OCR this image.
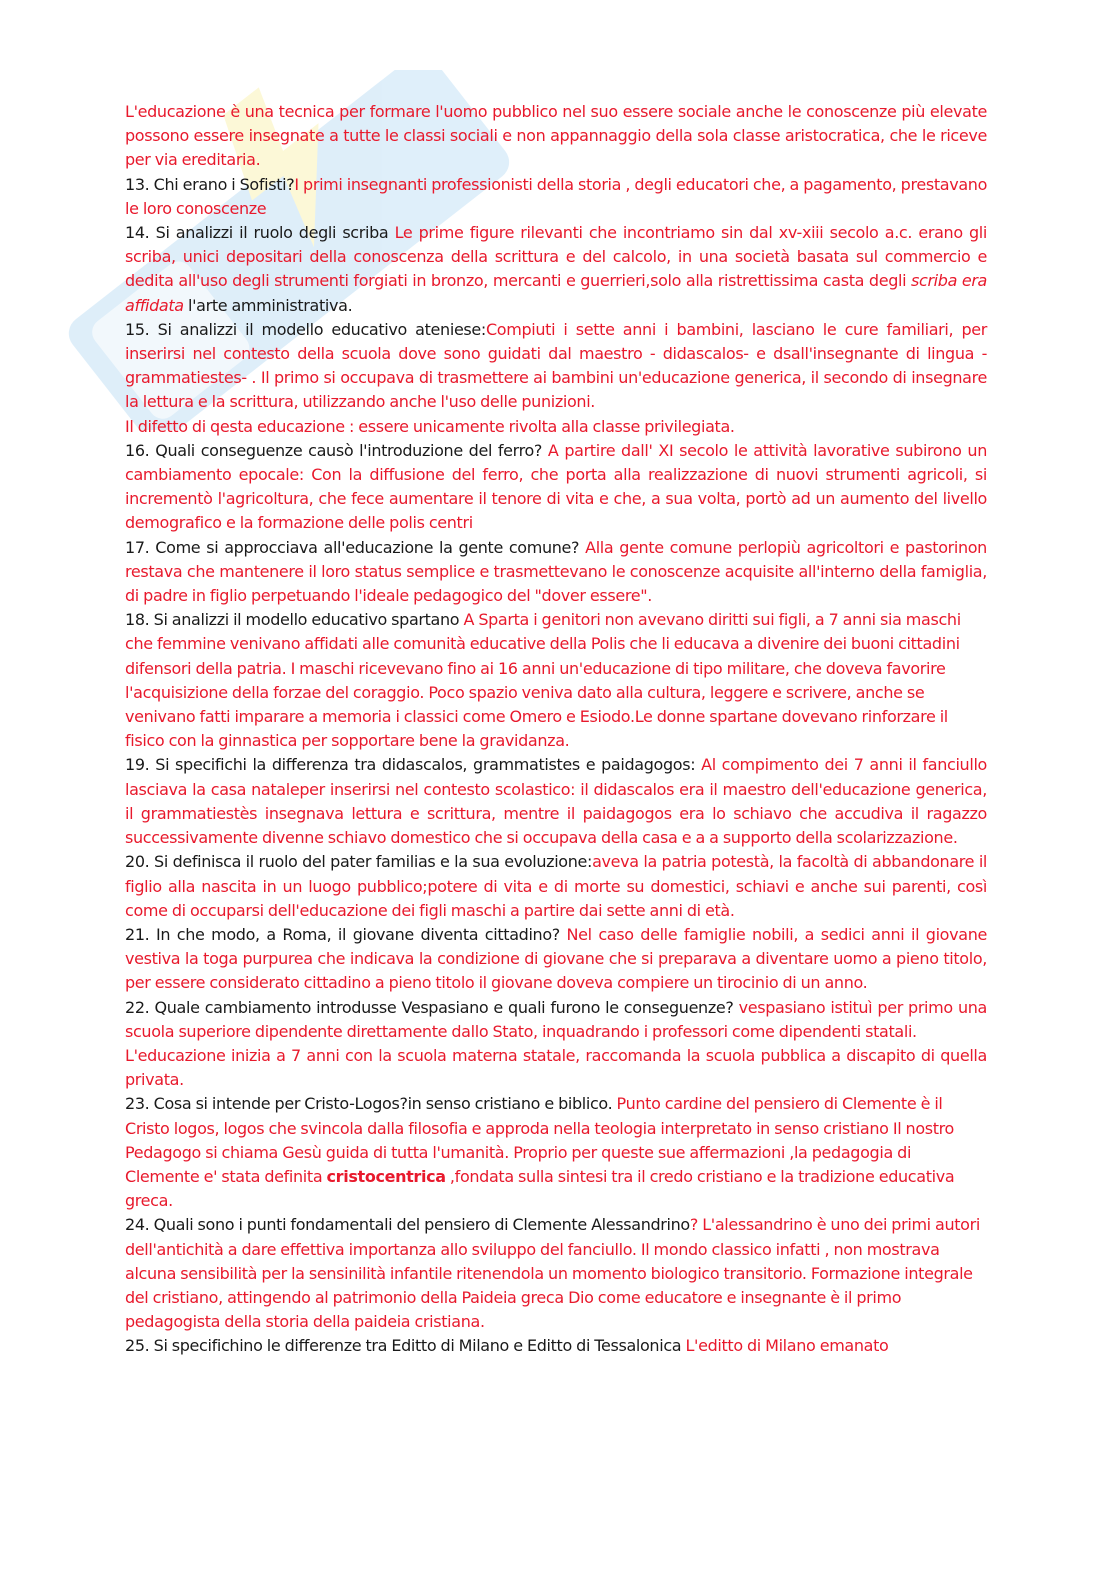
L'educazione è una tecnica per formare l'uomo pubblico nel suo essere sociale anche le conoscenze più elevate possono essere insegnate a tutte le classi sociali e non appannaggio della sola classe aristocratica, che le riceve per via ereditaria.

13. Chi erano i Sofisti?I primi insegnanti professionisti della storia , degli educatori che, a pagamento, prestavano le loro conoscenze

14. Si analizzi il ruolo degli scriba Le prime figure rilevanti che incontriamo sin dal xv-xiii secolo a.c. erano gli scriba, unici depositari della conoscenza della scrittura e del calcolo, in una società basata sul commercio e dedita all'uso degli strumenti forgiati in bronzo, mercanti e guerrieri,solo alla ristrettissima casta degli scriba era affidata l'arte amministrativa.

15. Si analizzi il modello educativo ateniese:Compiuti i sette anni i bambini, lasciano le cure familiari, per inserirsi nel contesto della scuola dove sono guidati dal maestro - didascalos- e dsall'insegnante di lingua - grammatiestes- . Il primo si occupava di trasmettere ai bambini un'educazione generica, il secondo di insegnare la lettura e la scrittura, utilizzando anche l'uso delle punizioni.

Il difetto di qesta educazione : essere unicamente rivolta alla classe privilegiata.

16. Quali conseguenze causò l'introduzione del ferro? A partire dall' XI secolo le attività lavorative subirono un cambiamento epocale: Con la diffusione del ferro, che porta alla realizzazione di nuovi strumenti agricoli, si incrementò l'agricoltura, che fece aumentare il tenore di vita e che, a sua volta, portò ad un aumento del livello demografico e la formazione delle polis centri

17. Come si approcciava all'educazione la gente comune? Alla gente comune perlopiù agricoltori e pastorinon restava che mantenere il loro status semplice e trasmettevano le conoscenze acquisite all'interno della famiglia, di padre in figlio perpetuando l'ideale pedagogico del "dover essere".

18. Si analizzi il modello educativo spartano A Sparta i genitori non avevano diritti sui figli, a 7 anni sia maschi che femmine venivano affidati alle comunità educative della Polis che li educava a divenire dei buoni cittadini difensori della patria. I maschi ricevevano fino ai 16 anni un'educazione di tipo militare, che doveva favorire l'acquisizione della forzae del coraggio. Poco spazio veniva dato alla cultura, leggere e scrivere, anche se venivano fatti imparare a memoria i classici come Omero e Esiodo.Le donne spartane dovevano rinforzare il fisico con la ginnastica per sopportare bene la gravidanza.

19. Si specifichi la differenza tra didascalos, grammatistes e paidagogos: Al compimento dei 7 anni il fanciullo lasciava la casa nataleper inserirsi nel contesto scolastico: il didascalos era il maestro dell'educazione generica, il grammatiestès insegnava lettura e scrittura, mentre il paidagogos era lo schiavo che accudiva il ragazzo successivamente divenne schiavo domestico che si occupava della casa e a a supporto della scolarizzazione.

20. Si definisca il ruolo del pater familias e la sua evoluzione:aveva la patria potestà, la facoltà di abbandonare il figlio alla nascita in un luogo pubblico;potere di vita e di morte su domestici, schiavi e anche sui parenti, così come di occuparsi dell'educazione dei figli maschi a partire dai sette anni di età.

21. In che modo, a Roma, il giovane diventa cittadino? Nel caso delle famiglie nobili, a sedici anni il giovane vestiva la toga purpurea che indicava la condizione di giovane che si preparava a diventare uomo a pieno titolo, per essere considerato cittadino a pieno titolo il giovane doveva compiere un tirocinio di un anno.

22. Quale cambiamento introdusse Vespasiano e quali furono le conseguenze? vespasiano istituì per primo una scuola superiore dipendente direttamente dallo Stato, inquadrando i professori come dipendenti statali.

L'educazione inizia a 7 anni con la scuola materna statale, raccomanda la scuola pubblica a discapito di quella privata.

23. Cosa si intende per Cristo-Logos?in senso cristiano e biblico. Punto cardine del pensiero di Clemente è il Cristo logos, logos che svincola dalla filosofia e approda nella teologia interpretato in senso cristiano Il nostro Pedagogo si chiama Gesù guida di tutta l'umanità. Proprio per queste sue affermazioni ,la pedagogia di Clemente e' stata definita cristocentrica ,fondata sulla sintesi tra il credo cristiano e la tradizione educativa greca.

24. Quali sono i punti fondamentali del pensiero di Clemente Alessandrino? L'alessandrino è uno dei primi autori dell'antichità a dare effettiva importanza allo sviluppo del fanciullo. Il mondo classico infatti , non mostrava alcuna sensibilità per la sensinilità infantile ritenendola un momento biologico transitorio. Formazione integrale del cristiano, attingendo al patrimonio della Paideia greca Dio come educatore e insegnante è il primo pedagogista della storia della paideia cristiana.

25. Si specifichino le differenze tra Editto di Milano e Editto di Tessalonica L'editto di Milano emanato
